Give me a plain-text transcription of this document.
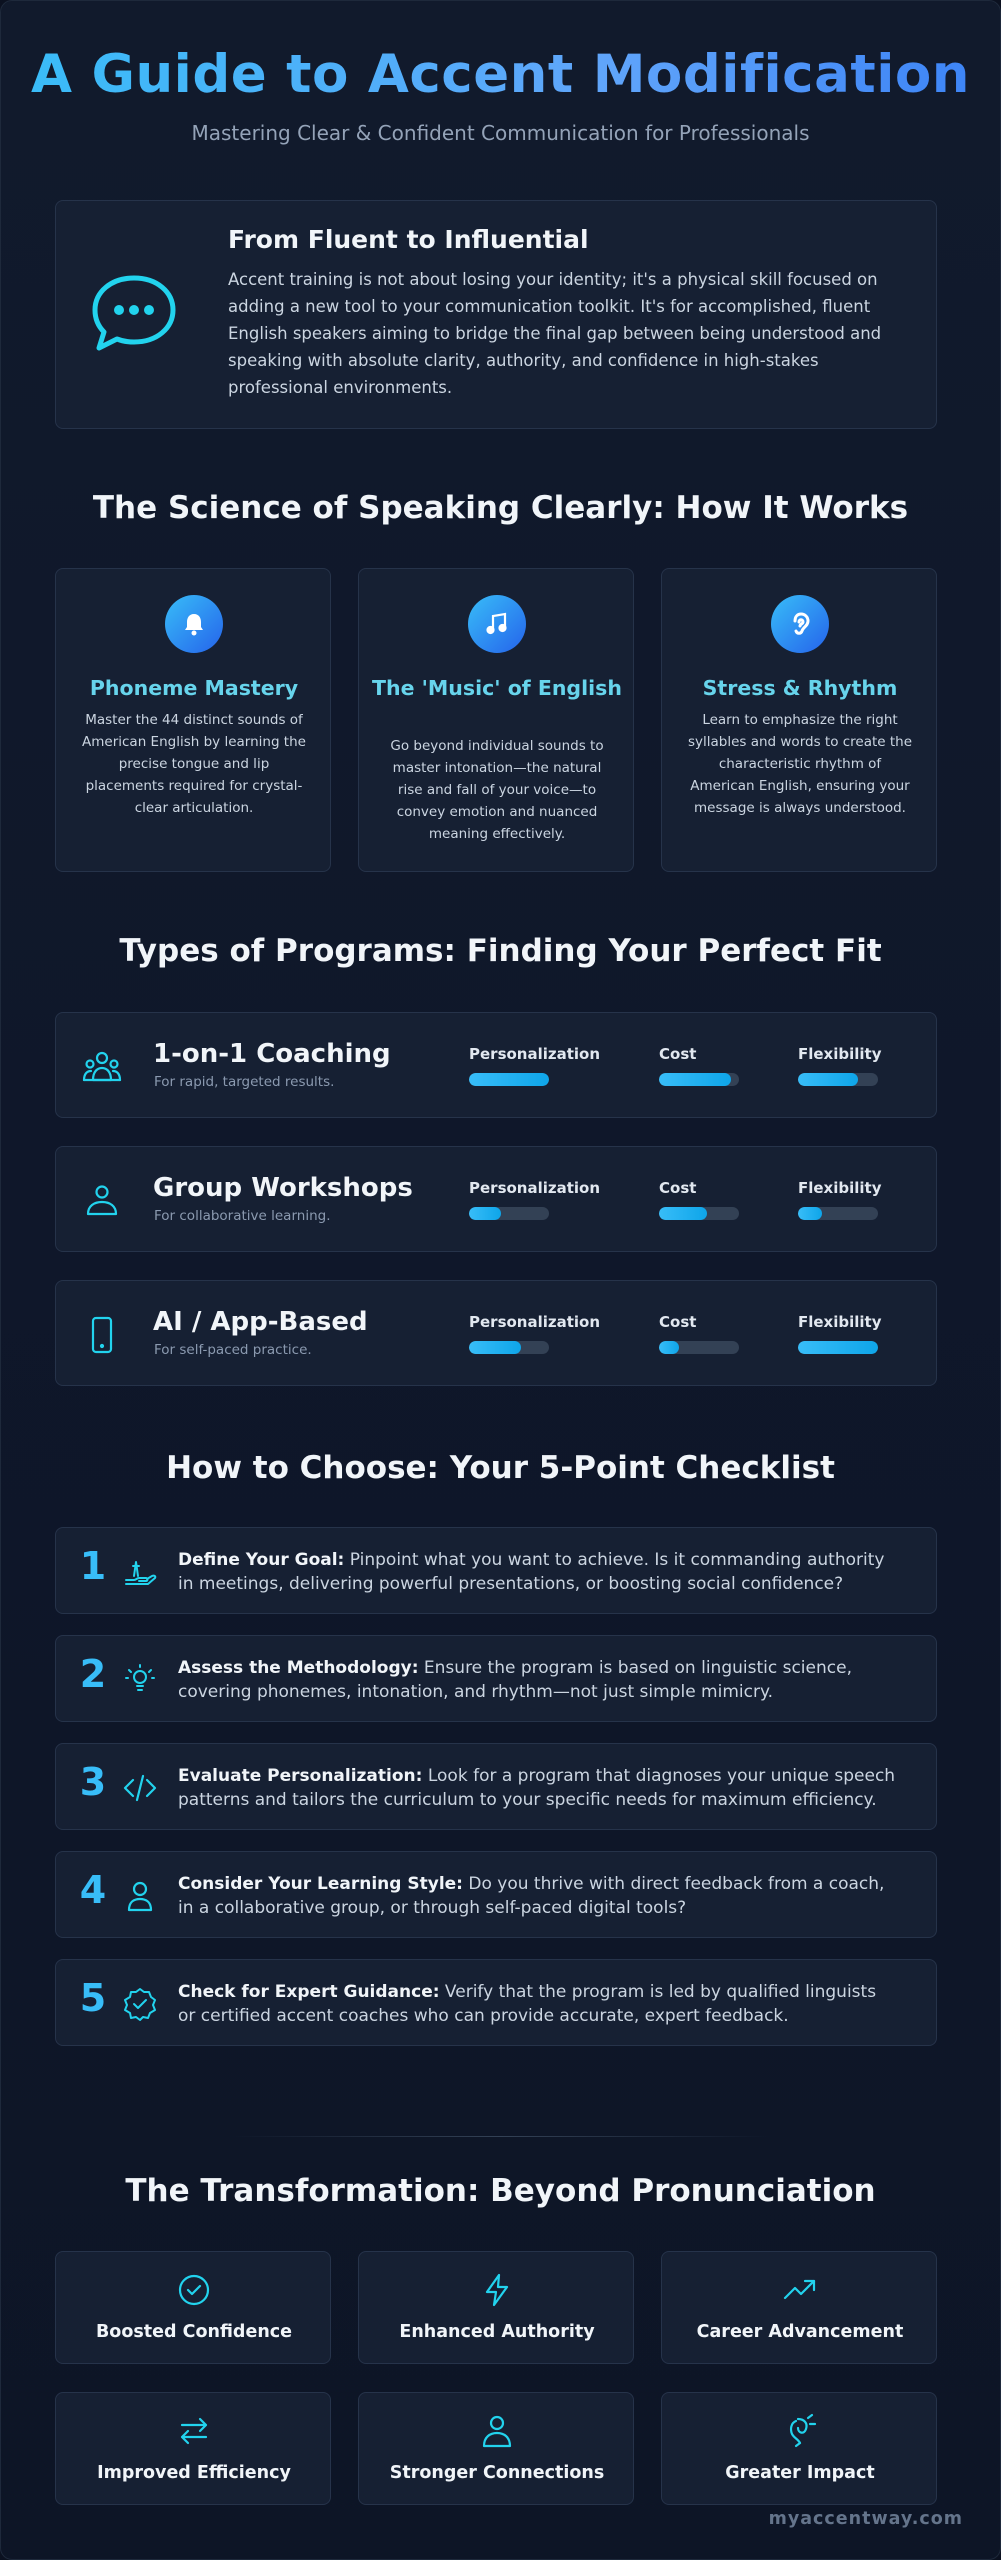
A Guide to Accent Modification

Mastering Clear & Confident Communication for Professionals

From Fluent to Influential

Accent training is not about losing your identity; it's a physical skill focused on adding a new tool to your communication toolkit. It's for accomplished, fluent English speakers aiming to bridge the final gap between being understood and speaking with absolute clarity, authority, and confidence in high-stakes professional environments.

The Science of Speaking Clearly: How It Works
Phoneme Mastery
Master the 44 distinct sounds of American English by learning the precise tongue and lip placements required for crystal-clear articulation.
The 'Music' of English
Go beyond individual sounds to master intonation—the natural rise and fall of your voice—to convey emotion and nuanced meaning effectively.
Stress & Rhythm
Learn to emphasize the right syllables and words to create the characteristic rhythm of American English, ensuring your message is always understood.
Types of Programs: Finding Your Perfect Fit
1-on-1 Coaching
For rapid, targeted results.
Personalization	Cost	Flexibility
Group Workshops
For collaborative learning.
Personalization	Cost	Flexibility
AI / App-Based
For self-paced practice.
Personalization	Cost	Flexibility
How to Choose: Your 5-Point Checklist
1	Define Your Goal: Pinpoint what you want to achieve. Is it commanding authority in meetings, delivering powerful presentations, or boosting social confidence?

2	Assess the Methodology: Ensure the program is based on linguistic science, covering phonemes, intonation, and rhythm—not just simple mimicry.

3	Evaluate Personalization: Look for a program that diagnoses your unique speech patterns and tailors the curriculum to your specific needs for maximum efficiency.

4	Consider Your Learning Style: Do you thrive with direct feedback from a coach, in a collaborative group, or through self-paced digital tools?

5	Check for Expert Guidance: Verify that the program is led by qualified linguists or certified accent coaches who can provide accurate, expert feedback.

The Transformation: Beyond Pronunciation
Boosted Confidence	Enhanced Authority	Career Advancement
Improved Efficiency	Stronger Connections	Greater Impact
myaccentway.com
